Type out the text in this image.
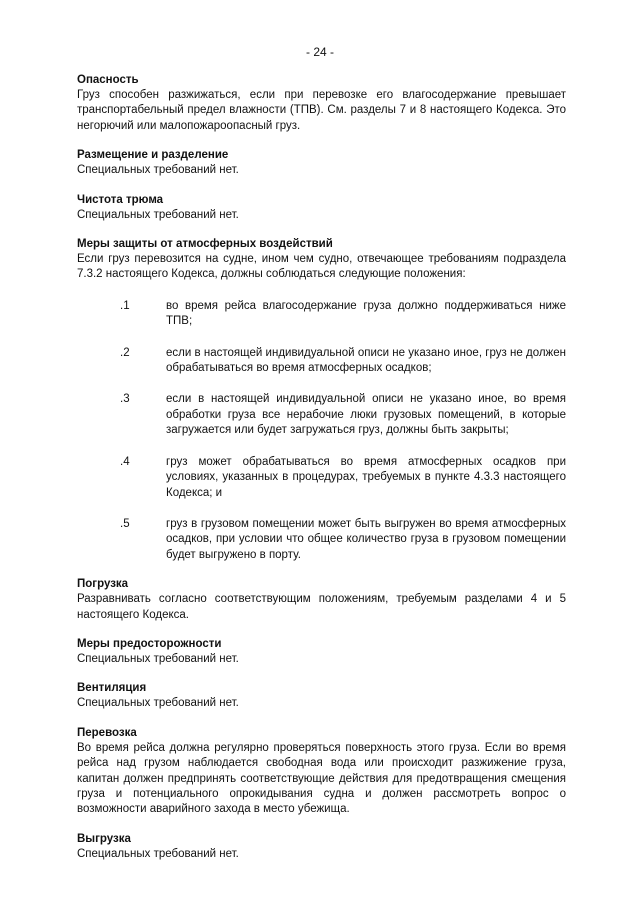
- 24 -

Опасность

Груз способен разжижаться, если при перевозке его влагосодержание превышает транспортабельный предел влажности (ТПВ). См. разделы 7 и 8 настоящего Кодекса. Это негорючий или малопожароопасный груз.

Размещение и разделение

Специальных требований нет.

Чистота трюма

Специальных требований нет.

Меры защиты от атмосферных воздействий

Если груз перевозится на судне, ином чем судно, отвечающее требованиям подраздела 7.3.2 настоящего Кодекса, должны соблюдаться следующие положения:

.1	во время рейса влагосодержание груза должно поддерживаться ниже ТПВ;
.2	если в настоящей индивидуальной описи не указано иное, груз не должен обрабатываться во время атмосферных осадков;
.3	если в настоящей индивидуальной описи не указано иное, во время обработки груза все нерабочие люки грузовых помещений, в которые загружается или будет загружаться груз, должны быть закрыты;
.4	груз может обрабатываться во время атмосферных осадков при условиях, указанных в процедурах, требуемых в пункте 4.3.3 настоящего Кодекса; и
.5	груз в грузовом помещении может быть выгружен во время атмосферных осадков, при условии что общее количество груза в грузовом помещении будет выгружено в порту.

Погрузка

Разравнивать согласно соответствующим положениям, требуемым разделами 4 и 5 настоящего Кодекса.

Меры предосторожности

Специальных требований нет.

Вентиляция

Специальных требований нет.

Перевозка

Во время рейса должна регулярно проверяться поверхность этого груза. Если во время рейса над грузом наблюдается свободная вода или происходит разжижение груза, капитан должен предпринять соответствующие действия для предотвращения смещения груза и потенциального опрокидывания судна и должен рассмотреть вопрос о возможности аварийного захода в место убежища.

Выгрузка

Специальных требований нет.
